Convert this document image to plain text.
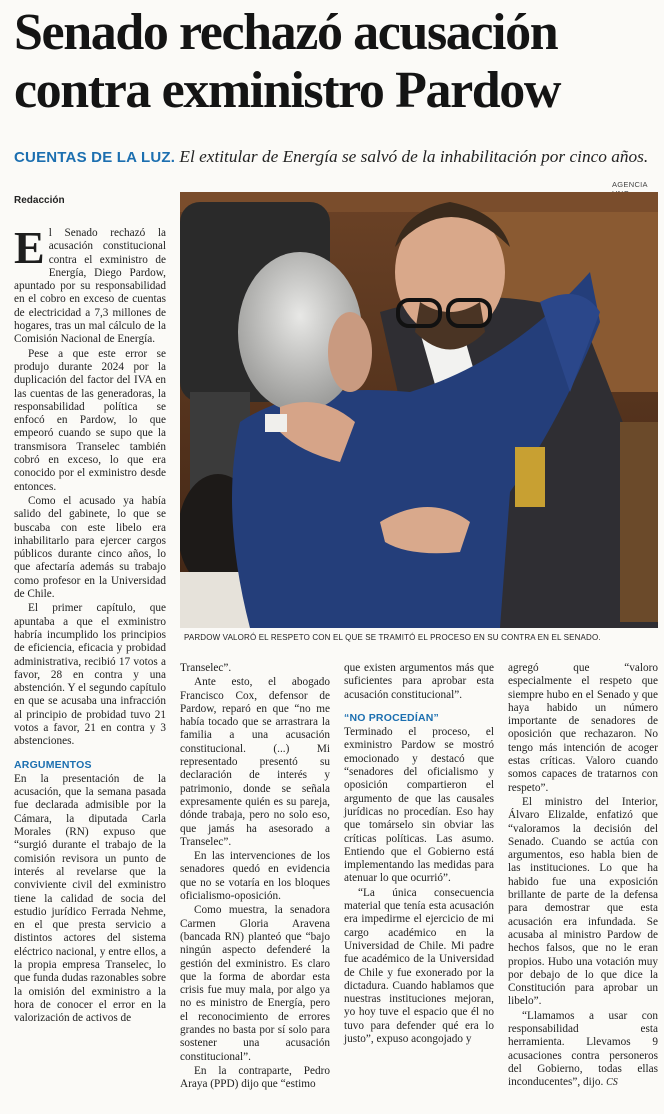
Senado rechazó acusación
contra exministro Pardow
CUENTAS DE LA LUZ. El extitular de Energía se salvó de la inhabilitación por cinco años.
AGENCIA
PARDOW VALORÓ EL RESPETO CON EL QUE SE TRAMITÓ EL PROCESO EN SU CONTRA EN EL SENADO.
Redacción

El Senado rechazó la acusación constitucional contra el exministro de Energía, Diego Pardow, apuntado por su responsabilidad en el cobro en exceso de cuentas de electricidad a 7,3 millones de hogares, tras un mal cálculo de la Comisión Nacional de Energía.

Pese a que este error se produjo durante 2024 por la duplicación del factor del IVA en las cuentas de las generadoras, la responsabilidad política se enfocó en Pardow, lo que empeoró cuando se supo que la transmisora Transelec también cobró en exceso, lo que era conocido por el exministro desde entonces.

Como el acusado ya había salido del gabinete, lo que se buscaba con este libelo era inhabilitarlo para ejercer cargos públicos durante cinco años, lo que afectaría además su trabajo como profesor en la Universidad de Chile.

El primer capítulo, que apuntaba a que el exministro habría incumplido los principios de eficiencia, eficacia y probidad administrativa, recibió 17 votos a favor, 28 en contra y una abstención. Y el segundo capítulo en que se acusaba una infracción al principio de probidad tuvo 21 votos a favor, 21 en contra y 3 abstenciones.

ARGUMENTOS

En la presentación de la acusación, que la semana pasada fue declarada admisible por la Cámara, la diputada Carla Morales (RN) expuso que “surgió durante el trabajo de la comisión revisora un punto de interés al revelarse que la conviviente civil del exministro tiene la calidad de socia del estudio jurídico Ferrada Nehme, en el que presta servicio a distintos actores del sistema eléctrico nacional, y entre ellos, a la propia empresa Transelec, lo que funda dudas razonables sobre la omisión del exministro a la hora de conocer el error en la valorización de activos de

Transelec”.

Ante esto, el abogado Francisco Cox, defensor de Pardow, reparó en que “no me había tocado que se arrastrara la familia a una acusación constitucional. (...) Mi representado presentó su declaración de interés y patrimonio, donde se señala expresamente quién es su pareja, dónde trabaja, pero no solo eso, que jamás ha asesorado a Transelec”.

En las intervenciones de los senadores quedó en evidencia que no se votaría en los bloques oficialismo-oposición.

Como muestra, la senadora Carmen Gloria Aravena (bancada RN) planteó que “bajo ningún aspecto defenderé la gestión del exministro. Es claro que la forma de abordar esta crisis fue muy mala, por algo ya no es ministro de Energía, pero el reconocimiento de errores grandes no basta por sí solo para sostener una acusación constitucional”.

En la contraparte, Pedro Araya (PPD) dijo que “estimo

que existen argumentos más que suficientes para aprobar esta acusación constitucional”.

“NO PROCEDÍAN”

Terminado el proceso, el exministro Pardow se mostró emocionado y destacó que “senadores del oficialismo y oposición compartieron el argumento de que las causales jurídicas no procedían. Eso hay que tomárselo sin obviar las críticas políticas. Las asumo. Entiendo que el Gobierno está implementando las medidas para atenuar lo que ocurrió”.

“La única consecuencia material que tenía esta acusación era impedirme el ejercicio de mi cargo académico en la Universidad de Chile. Mi padre fue académico de la Universidad de Chile y fue exonerado por la dictadura. Cuando hablamos que nuestras instituciones mejoran, yo hoy tuve el espacio que él no tuvo para defender qué era lo justo”, expuso acongojado y

agregó que “valoro especialmente el respeto que siempre hubo en el Senado y que haya habido un número importante de senadores de oposición que rechazaron. No tengo más intención de acoger estas críticas. Valoro cuando somos capaces de tratarnos con respeto”.

El ministro del Interior, Álvaro Elizalde, enfatizó que “valoramos la decisión del Senado. Cuando se actúa con argumentos, eso habla bien de las instituciones. Lo que ha habido fue una exposición brillante de parte de la defensa para demostrar que esta acusación era infundada. Se acusaba al ministro Pardow de hechos falsos, que no le eran propios. Hubo una votación muy por debajo de lo que dice la Constitución para aprobar un libelo”.

“Llamamos a usar con responsabilidad esta herramienta. Llevamos 9 acusaciones contra personeros del Gobierno, todas ellas inconducentes”, dijo. CS
